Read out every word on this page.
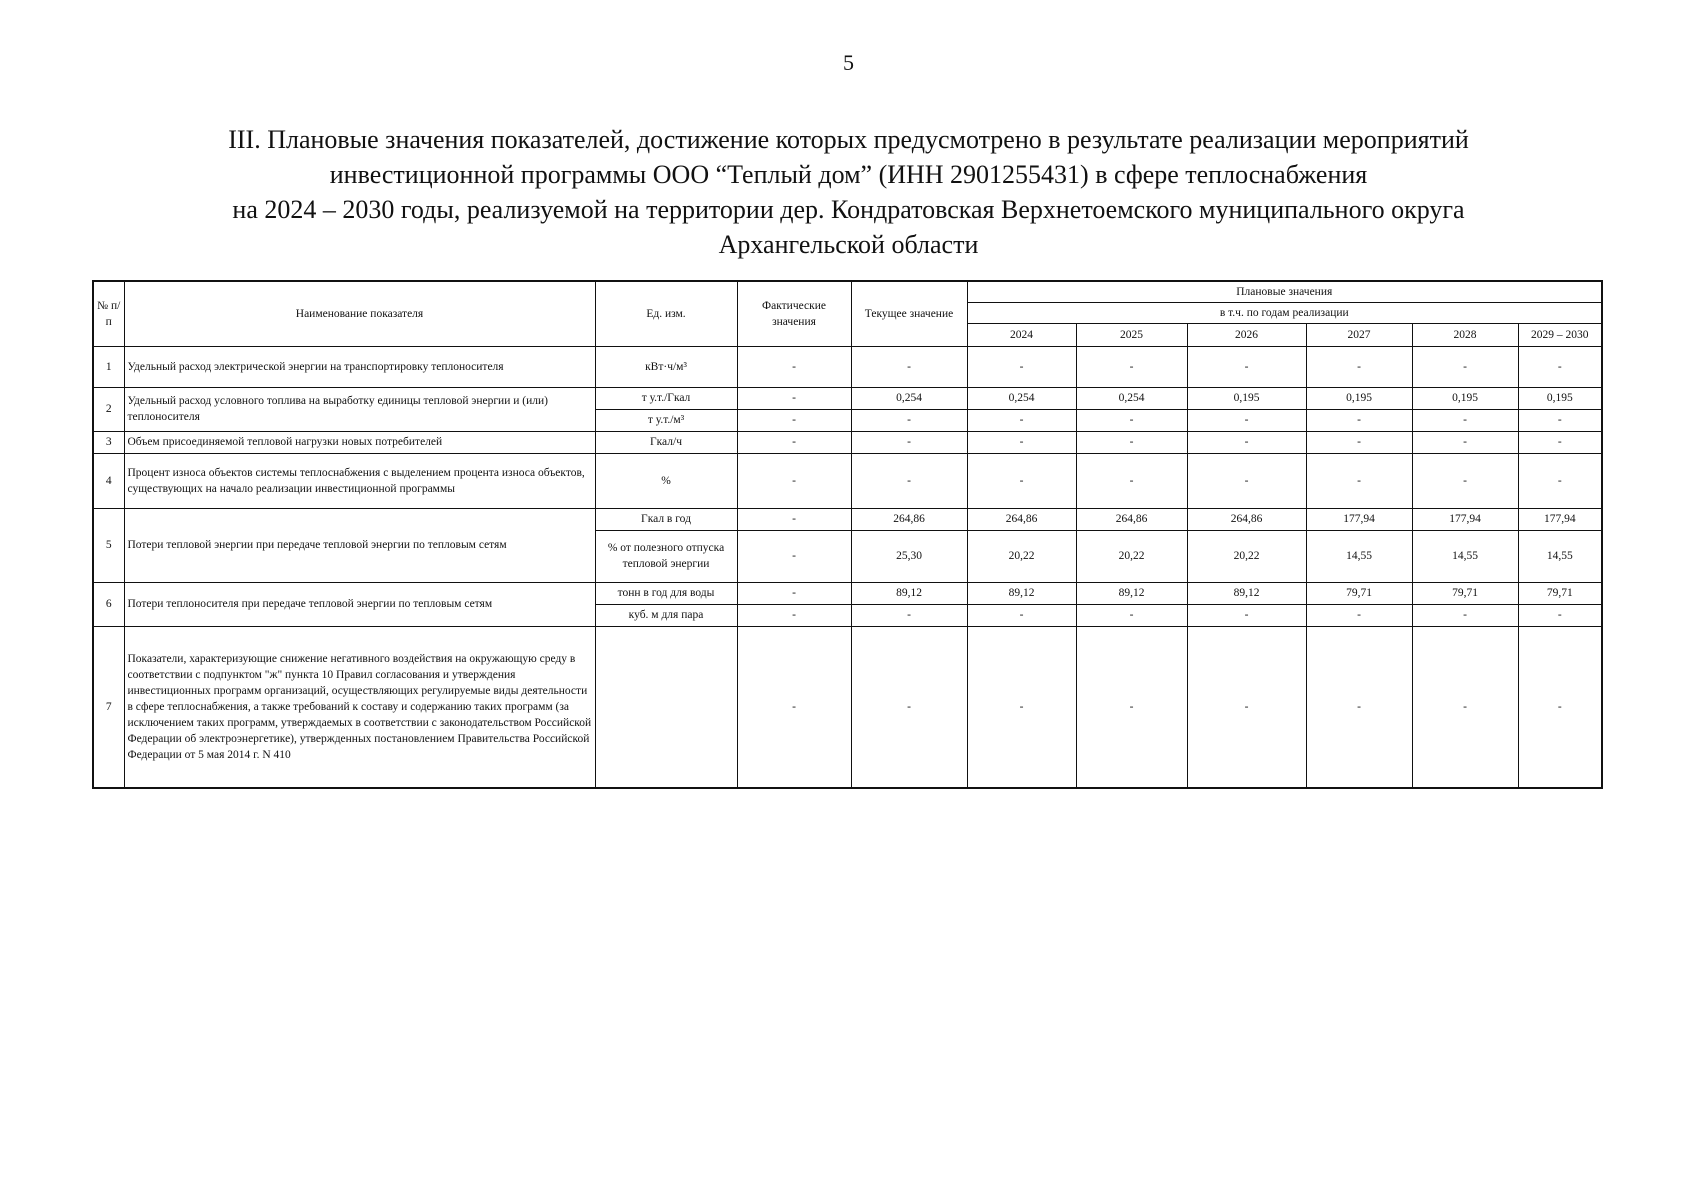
5
III. Плановые значения показателей, достижение которых предусмотрено в результате реализации мероприятий
инвестиционной программы ООО “Теплый дом” (ИНН 2901255431) в сфере теплоснабжения
на 2024 – 2030 годы, реализуемой на территории дер. Кондратовская Верхнетоемского муниципального округа
Архангельской области
№ п/п	Наименование показателя	Ед. изм.	Фактические значения	Текущее значение	Плановые значения					
					в т.ч. по годам реализации					
					2024	2025	2026	2027	2028	2029 – 2030
1	Удельный расход электрической энергии на транспортировку теплоносителя	кВт·ч/м³	-	-	-	-	-	-	-	-
2	Удельный расход условного топлива на выработку единицы тепловой энергии и (или) теплоносителя	т у.т./Гкал	-	0,254	0,254	0,254	0,195	0,195	0,195	0,195
		т у.т./м³	-	-	-	-	-	-	-	-
3	Объем присоединяемой тепловой нагрузки новых потребителей	Гкал/ч	-	-	-	-	-	-	-	-
4	Процент износа объектов системы теплоснабжения с выделением процента износа объектов, существующих на начало реализации инвестиционной программы	%	-	-	-	-	-	-	-	-
5	Потери тепловой энергии при передаче тепловой энергии по тепловым сетям	Гкал в год	-	264,86	264,86	264,86	264,86	177,94	177,94	177,94
		% от полезного отпуска тепловой энергии	-	25,30	20,22	20,22	20,22	14,55	14,55	14,55
6	Потери теплоносителя при передаче тепловой энергии по тепловым сетям	тонн в год для воды	-	89,12	89,12	89,12	89,12	79,71	79,71	79,71
		куб. м для пара	-	-	-	-	-	-	-	-
7	Показатели, характеризующие снижение негативного воздействия на окружающую среду в соответствии с подпунктом "ж" пункта 10 Правил согласования и утверждения инвестиционных программ организаций, осуществляющих регулируемые виды деятельности в сфере теплоснабжения, а также требований к составу и содержанию таких программ (за исключением таких программ, утверждаемых в соответствии с законодательством Российской Федерации об электроэнергетике), утвержденных постановлением Правительства Российской Федерации от 5 мая 2014 г. N 410		-	-	-	-	-	-	-	-
